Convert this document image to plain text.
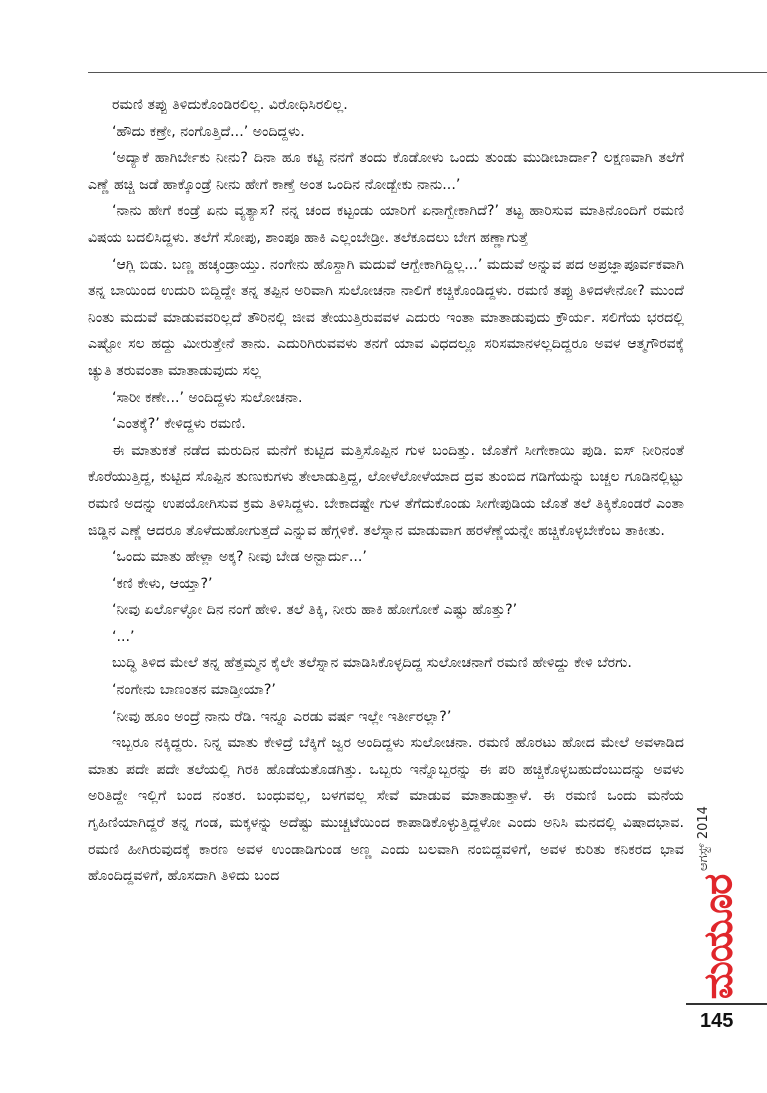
ರಮಣಿ ತಪ್ಪು ತಿಳಿದುಕೊಂಡಿರಲಿಲ್ಲ. ವಿರೋಧಿಸಿರಲಿಲ್ಲ.

‘ಹೌದು ಕಣ್ರೇ, ನಂಗೊತ್ತಿದೆ...’ ಅಂದಿದ್ದಳು.

‘ಅದ್ಯಾಕೆ ಹಾಗಿರ್ಬೇಕು ನೀನು? ದಿನಾ ಹೂ ಕಟ್ಟಿ ನನಗೆ ತಂದು ಕೊಡೋಳು ಒಂದು ತುಂಡು ಮುಡೀಬಾರ್ದಾ? ಲಕ್ಷಣವಾಗಿ ತಲೆಗೆ ಎಣ್ಣೆ ಹಚ್ಚಿ ಜಡೆ ಹಾಕ್ಕೊಂಡ್ರೆ ನೀನು ಹೇಗೆ ಕಾಣ್ತೆ ಅಂತ ಒಂದಿನ ನೋಡ್ಬೇಕು ನಾನು...’

‘ನಾನು ಹೇಗೆ ಕಂಡ್ರೆ ಏನು ವ್ಯತ್ಯಾಸ? ನನ್ನ ಚಂದ ಕಟ್ಟಂಡು ಯಾರಿಗೆ ಏನಾಗ್ಬೇಕಾಗಿದೆ?’ ತಟ್ಟ ಹಾರಿಸುವ ಮಾತಿನೊಂದಿಗೆ ರಮಣಿ ವಿಷಯ ಬದಲಿಸಿದ್ದಳು. ತಲೆಗೆ ಸೋಪು, ಶಾಂಪೂ ಹಾಕಿ ಎಲ್ಲಂಬೇಡ್ರೀ. ತಲೆಕೂದಲು ಬೇಗ ಹಣ್ಣಾಗುತ್ತೆ

‘ಆಗ್ಲಿ ಬಿಡು. ಬಣ್ಣ ಹಚ್ಕಂಡ್ರಾಯ್ತು. ನಂಗೇನು ಹೊಸ್ದಾಗಿ ಮದುವೆ ಆಗ್ಬೇಕಾಗಿದ್ದಿಲ್ಲ...’ ಮದುವೆ ಅನ್ನುವ ಪದ ಅಪ್ರಜ್ಞಾಪೂರ್ವಕವಾಗಿ ತನ್ನ ಬಾಯಿಂದ ಉದುರಿ ಬಿದ್ದಿದ್ದೇ ತನ್ನ ತಪ್ಪಿನ ಅರಿವಾಗಿ ಸುಲೋಚನಾ ನಾಲಿಗೆ ಕಚ್ಚಿಕೊಂಡಿದ್ದಳು. ರಮಣಿ ತಪ್ಪು ತಿಳಿದಳೇನೋ? ಮುಂದೆ ನಿಂತು ಮದುವೆ ಮಾಡುವವರಿಲ್ಲದೆ ತೌರಿನಲ್ಲಿ ಜೀವ ತೇಯುತ್ತಿರುವವಳ ಎದುರು ಇಂತಾ ಮಾತಾಡುವುದು ಕ್ರೌರ್ಯ. ಸಲಿಗೆಯ ಭರದಲ್ಲಿ ಎಷ್ಟೋ ಸಲ ಹದ್ದು ಮೀರುತ್ತೇನೆ ತಾನು. ಎದುರಿಗಿರುವವಳು ತನಗೆ ಯಾವ ವಿಧದಲ್ಲೂ ಸರಿಸಮಾನಳಲ್ಲದಿದ್ದರೂ ಅವಳ ಆತ್ಮಗೌರವಕ್ಕೆ ಚ್ಯುತಿ ತರುವಂತಾ ಮಾತಾಡುವುದು ಸಲ್ಲ

‘ಸಾರೀ ಕಣೇ...’ ಅಂದಿದ್ದಳು ಸುಲೋಚನಾ.

‘ಎಂತಕ್ಕೆ?’ ಕೇಳಿದ್ದಳು ರಮಣಿ.

ಈ ಮಾತುಕತೆ ನಡೆದ ಮರುದಿನ ಮನೆಗೆ ಕುಟ್ಟಿದ ಮತ್ತಿಸೊಪ್ಪಿನ ಗುಳ ಬಂದಿತ್ತು. ಜೊತೆಗೆ ಸೀಗೇಕಾಯಿ ಪುಡಿ. ಐಸ್ ನೀರಿನಂತೆ ಕೊರೆಯುತ್ತಿದ್ದ, ಕುಟ್ಟಿದ ಸೊಪ್ಪಿನ ತುಣುಕುಗಳು ತೇಲಾಡುತ್ತಿದ್ದ, ಲೋಳೆಲೋಳೆಯಾದ ದ್ರವ ತುಂಬಿದ ಗಡಿಗೆಯನ್ನು ಬಚ್ಚಲ ಗೂಡಿನಲ್ಲಿಟ್ಟು ರಮಣಿ ಅದನ್ನು ಉಪಯೋಗಿಸುವ ಕ್ರಮ ತಿಳಿಸಿದ್ದಳು. ಬೇಕಾದಷ್ಟೇ ಗುಳ ತೆಗೆದುಕೊಂಡು ಸೀಗೇಪುಡಿಯ ಜೊತೆ ತಲೆ ತಿಕ್ಕಿಕೊಂಡರೆ ಎಂತಾ ಜಿಡ್ಡಿನ ಎಣ್ಣೆ ಆದರೂ ತೊಳೆದುಹೋಗುತ್ತದೆ ಎನ್ನುವ ಹೆಗ್ಗಳಿಕೆ. ತಲೆಸ್ನಾನ ಮಾಡುವಾಗ ಹರಳೆಣ್ಣೆಯನ್ನೇ ಹಚ್ಚಿಕೊಳ್ಳಬೇಕೆಂಬ ತಾಕೀತು.

‘ಒಂದು ಮಾತು ಹೇಳ್ಲಾ ಅಕ್ಕ? ನೀವು ಬೇಡ ಅನ್ಬಾರ್ದು...’

‘ಕಣಿ ಕೇಳು, ಆಯ್ತಾ?’

‘ನೀವು ಏರ್ಲೊಳ್ಳೋ ದಿನ ನಂಗೆ ಹೇಳಿ. ತಲೆ ತಿಕ್ಕಿ, ನೀರು ಹಾಕಿ ಹೋಗೋಕೆ ಎಷ್ಟು ಹೊತ್ತು?’

‘...’

ಬುದ್ಧಿ ತಿಳಿದ ಮೇಲೆ ತನ್ನ ಹೆತ್ತಮ್ಮನ ಕೈಲೇ ತಲೆಸ್ನಾನ ಮಾಡಿಸಿಕೊಳ್ಳದಿದ್ದ ಸುಲೋಚನಾಗೆ ರಮಣಿ ಹೇಳಿದ್ದು ಕೇಳಿ ಬೆರಗು.

‘ನಂಗೇನು ಬಾಣಂತನ ಮಾಡ್ತೀಯಾ?’

‘ನೀವು ಹೂಂ ಅಂದ್ರೆ ನಾನು ರೆಡಿ. ಇನ್ನೂ ಎರಡು ವರ್ಷ ಇಲ್ಲೇ ಇರ್ತೀರಲ್ಲಾ?’

ಇಬ್ಬರೂ ನಕ್ಕಿದ್ದರು. ನಿನ್ನ ಮಾತು ಕೇಳಿದ್ರೆ ಬೆಕ್ಕಿಗೆ ಜ್ವರ ಅಂದಿದ್ದಳು ಸುಲೋಚನಾ. ರಮಣಿ ಹೊರಟು ಹೋದ ಮೇಲೆ ಅವಳಾಡಿದ ಮಾತು ಪದೇ ಪದೇ ತಲೆಯಲ್ಲಿ ಗಿರಕಿ ಹೊಡೆಯತೊಡಗಿತ್ತು. ಒಬ್ಬರು ಇನ್ನೊಬ್ಬರನ್ನು ಈ ಪರಿ ಹಚ್ಚಿಕೊಳ್ಳಬಹುದೆಂಬುದನ್ನು ಅವಳು ಅರಿತಿದ್ದೇ ಇಲ್ಲಿಗೆ ಬಂದ ನಂತರ. ಬಂಧುವಲ್ಲ, ಬಳಗವಲ್ಲ ಸೇವೆ ಮಾಡುವ ಮಾತಾಡುತ್ತಾಳೆ. ಈ ರಮಣಿ ಒಂದು ಮನೆಯ ಗೃಹಿಣಿಯಾಗಿದ್ದರೆ ತನ್ನ ಗಂಡ, ಮಕ್ಕಳನ್ನು ಅದೆಷ್ಟು ಮುಚ್ಚಟೆಯಿಂದ ಕಾಪಾಡಿಕೊಳ್ಳುತ್ತಿದ್ದಳೋ ಎಂದು ಅನಿಸಿ ಮನದಲ್ಲಿ ವಿಷಾದಭಾವ. ರಮಣಿ ಹೀಗಿರುವುದಕ್ಕೆ ಕಾರಣ ಅವಳ ಉಂಡಾಡಿಗುಂಡ ಅಣ್ಣ ಎಂದು ಬಲವಾಗಿ ನಂಬಿದ್ದವಳಿಗೆ, ಅವಳ ಕುರಿತು ಕನಿಕರದ ಭಾವ ಹೊಂದಿದ್ದವಳಿಗೆ, ಹೊಸದಾಗಿ ತಿಳಿದು ಬಂದ

ಆಗಸ್ಟ್ 2014
ಮಯೂರ
145
